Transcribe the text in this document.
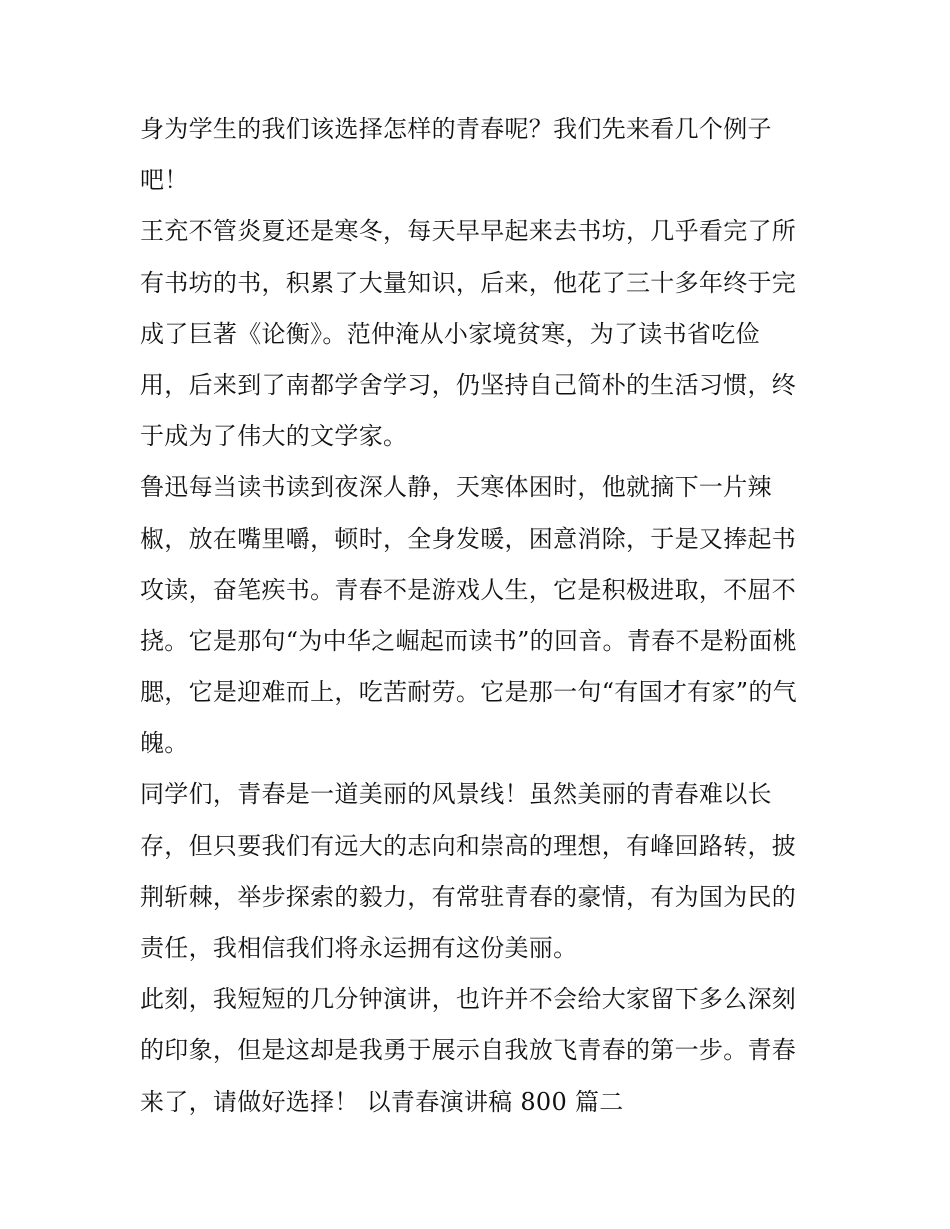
身为学生的我们该选择怎样的青春呢？我们先来看几个例子
吧！
王充不管炎夏还是寒冬，每天早早起来去书坊，几乎看完了所
有书坊的书，积累了大量知识，后来，他花了三十多年终于完
成了巨著《论衡》。范仲淹从小家境贫寒，为了读书省吃俭
用，后来到了南都学舍学习，仍坚持自己简朴的生活习惯，终
于成为了伟大的文学家。
鲁迅每当读书读到夜深人静，天寒体困时，他就摘下一片辣
椒，放在嘴里嚼，顿时，全身发暖，困意消除，于是又捧起书
攻读，奋笔疾书。青春不是游戏人生，它是积极进取，不屈不
挠。它是那句“为中华之崛起而读书”的回音。青春不是粉面桃
腮，它是迎难而上，吃苦耐劳。它是那一句“有国才有家”的气
魄。
同学们，青春是一道美丽的风景线！虽然美丽的青春难以长
存，但只要我们有远大的志向和崇高的理想，有峰回路转，披
荆斩棘，举步探索的毅力，有常驻青春的豪情，有为国为民的
责任，我相信我们将永运拥有这份美丽。
此刻，我短短的几分钟演讲，也许并不会给大家留下多么深刻
的印象，但是这却是我勇于展示自我放飞青春的第一步。青春
来了，请做好选择！ 以青春演讲稿 800 篇二
